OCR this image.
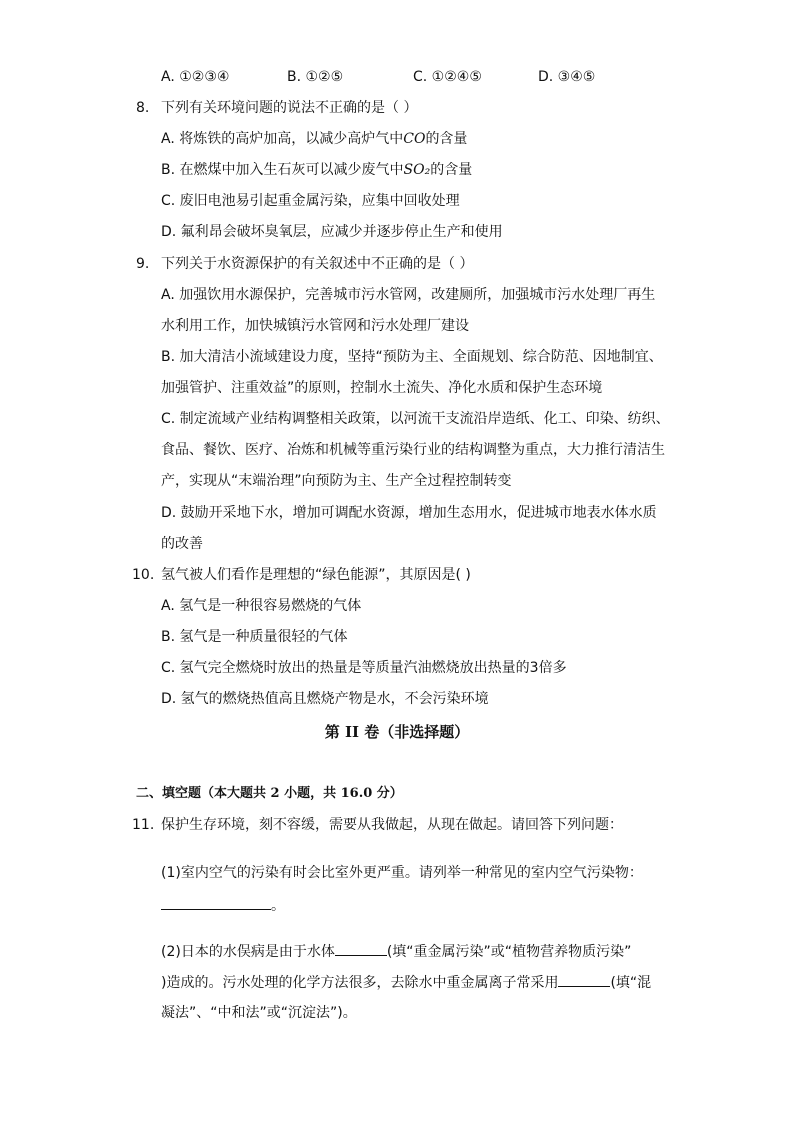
A. ①②③④	B. ①②⑤	C. ①②④⑤	D. ③④⑤
8. 下列有关环境问题的说法不正确的是（ ）
A. 将炼铁的高炉加高，以减少高炉气中CO的含量
B. 在燃煤中加入生石灰可以减少废气中SO₂的含量
C. 废旧电池易引起重金属污染，应集中回收处理
D. 氟利昂会破坏臭氧层，应减少并逐步停止生产和使用
9. 下列关于水资源保护的有关叙述中不正确的是（ ）
A. 加强饮用水源保护，完善城市污水管网，改建厕所，加强城市污水处理厂再生
水利用工作，加快城镇污水管网和污水处理厂建设
B. 加大清洁小流域建设力度，坚持“预防为主、全面规划、综合防范、因地制宜、
加强管护、注重效益”的原则，控制水土流失、净化水质和保护生态环境
C. 制定流域产业结构调整相关政策，以河流干支流沿岸造纸、化工、印染、纺织、
食品、餐饮、医疗、冶炼和机械等重污染行业的结构调整为重点，大力推行清洁生
产，实现从“末端治理”向预防为主、生产全过程控制转变
D. 鼓励开采地下水，增加可调配水资源，增加生态用水，促进城市地表水体水质
的改善
10. 氢气被人们看作是理想的“绿色能源”，其原因是( )
A. 氢气是一种很容易燃烧的气体
B. 氢气是一种质量很轻的气体
C. 氢气完全燃烧时放出的热量是等质量汽油燃烧放出热量的3倍多
D. 氢气的燃烧热值高且燃烧产物是水，不会污染环境
第 II 卷（非选择题）
二、填空题（本大题共 2 小题，共 16.0 分）
11. 保护生存环境，刻不容缓，需要从我做起，从现在做起。请回答下列问题：
(1)室内空气的污染有时会比室外更严重。请列举一种常见的室内空气污染物：
。
(2)日本的水俣病是由于水体	(填“重金属污染”或“植物营养物质污染”
)造成的。污水处理的化学方法很多，去除水中重金属离子常采用	(填“混
凝法”、“中和法”或“沉淀法”)。
